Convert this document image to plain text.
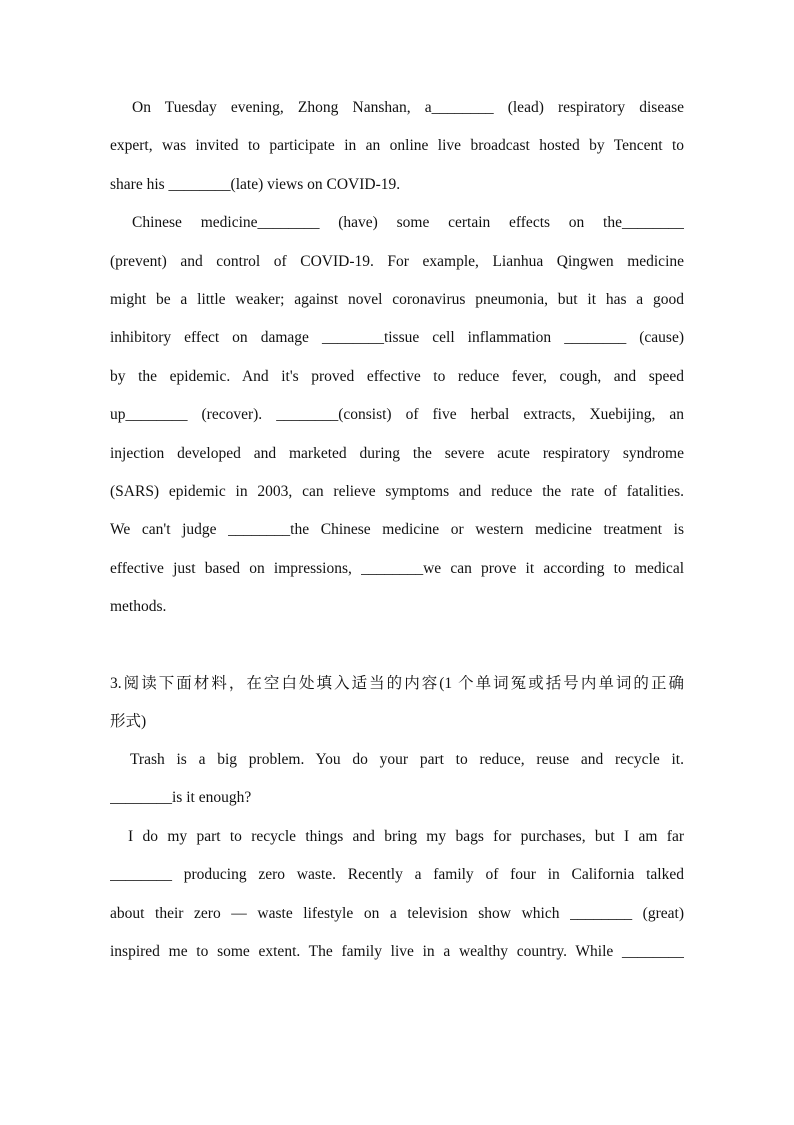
On Tuesday evening, Zhong Nanshan, a________ (lead) respiratory disease
expert, was invited to participate in an online live broadcast hosted by Tencent to
share his ________(late) views on COVID-19.
Chinese medicine________ (have) some certain effects on the________
(prevent) and control of COVID-19. For example, Lianhua Qingwen medicine
might be a little weaker; against novel coronavirus pneumonia, but it has a good
inhibitory effect on damage ________tissue cell inflammation ________ (cause)
by the epidemic. And it's proved effective to reduce fever, cough, and speed
up________ (recover). ________(consist) of five herbal extracts, Xuebijing, an
injection developed and marketed during the severe acute respiratory syndrome
(SARS) epidemic in 2003, can relieve symptoms and reduce the rate of fatalities.
We can't judge ________the Chinese medicine or western medicine treatment is
effective just based on impressions, ________we can prove it according to medical
methods.
3.阅读下面材料，在空白处填入适当的内容(1 个单词冤或括号内单词的正确
形式)
Trash is a big problem. You do your part to reduce, reuse and recycle it.
________is it enough?
I do my part to recycle things and bring my bags for purchases, but I am far
________ producing zero waste. Recently a family of four in California talked
about their zero — waste lifestyle on a television show which ________ (great)
inspired me to some extent. The family live in a wealthy country. While ________
